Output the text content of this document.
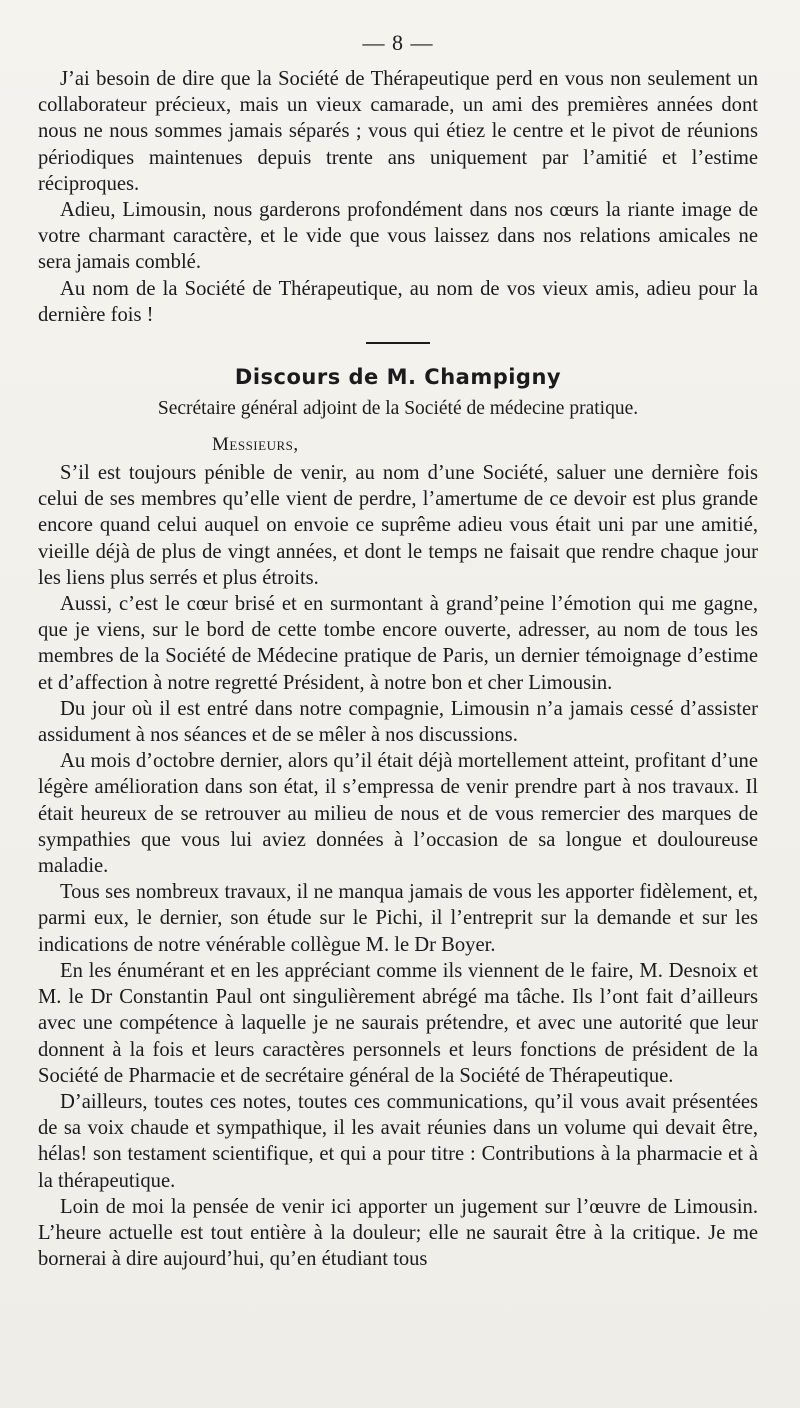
— 8 —

J’ai besoin de dire que la Société de Thérapeutique perd en vous non seulement un collaborateur précieux, mais un vieux camarade, un ami des premières années dont nous ne nous sommes jamais séparés ; vous qui étiez le centre et le pivot de réunions périodiques maintenues depuis trente ans uniquement par l’amitié et l’estime réciproques.

Adieu, Limousin, nous garderons profondément dans nos cœurs la riante image de votre charmant caractère, et le vide que vous laissez dans nos relations amicales ne sera jamais comblé.

Au nom de la Société de Thérapeutique, au nom de vos vieux amis, adieu pour la dernière fois !

Discours de M. Champigny
Secrétaire général adjoint de la Société de médecine pratique.
Messieurs,

S’il est toujours pénible de venir, au nom d’une Société, saluer une dernière fois celui de ses membres qu’elle vient de perdre, l’amertume de ce devoir est plus grande encore quand celui auquel on envoie ce suprême adieu vous était uni par une amitié, vieille déjà de plus de vingt années, et dont le temps ne faisait que rendre chaque jour les liens plus serrés et plus étroits.

Aussi, c’est le cœur brisé et en surmontant à grand’peine l’émotion qui me gagne, que je viens, sur le bord de cette tombe encore ouverte, adresser, au nom de tous les membres de la Société de Médecine pratique de Paris, un dernier témoignage d’estime et d’affection à notre regretté Président, à notre bon et cher Limousin.

Du jour où il est entré dans notre compagnie, Limousin n’a jamais cessé d’assister assidument à nos séances et de se mêler à nos discussions.

Au mois d’octobre dernier, alors qu’il était déjà mortellement atteint, profitant d’une légère amélioration dans son état, il s’empressa de venir prendre part à nos travaux. Il était heureux de se retrouver au milieu de nous et de vous remercier des marques de sympathies que vous lui aviez données à l’occasion de sa longue et douloureuse maladie.

Tous ses nombreux travaux, il ne manqua jamais de vous les apporter fidèlement, et, parmi eux, le dernier, son étude sur le Pichi, il l’entreprit sur la demande et sur les indications de notre vénérable collègue M. le Dr Boyer.

En les énumérant et en les appréciant comme ils viennent de le faire, M. Desnoix et M. le Dr Constantin Paul ont singulièrement abrégé ma tâche. Ils l’ont fait d’ailleurs avec une compétence à laquelle je ne saurais prétendre, et avec une autorité que leur donnent à la fois et leurs caractères personnels et leurs fonctions de président de la Société de Pharmacie et de secrétaire général de la Société de Thérapeutique.

D’ailleurs, toutes ces notes, toutes ces communications, qu’il vous avait présentées de sa voix chaude et sympathique, il les avait réunies dans un volume qui devait être, hélas! son testament scientifique, et qui a pour titre : Contributions à la pharmacie et à la thérapeutique.

Loin de moi la pensée de venir ici apporter un jugement sur l’œuvre de Limousin. L’heure actuelle est tout entière à la douleur; elle ne saurait être à la critique. Je me bornerai à dire aujourd’hui, qu’en étudiant tous
